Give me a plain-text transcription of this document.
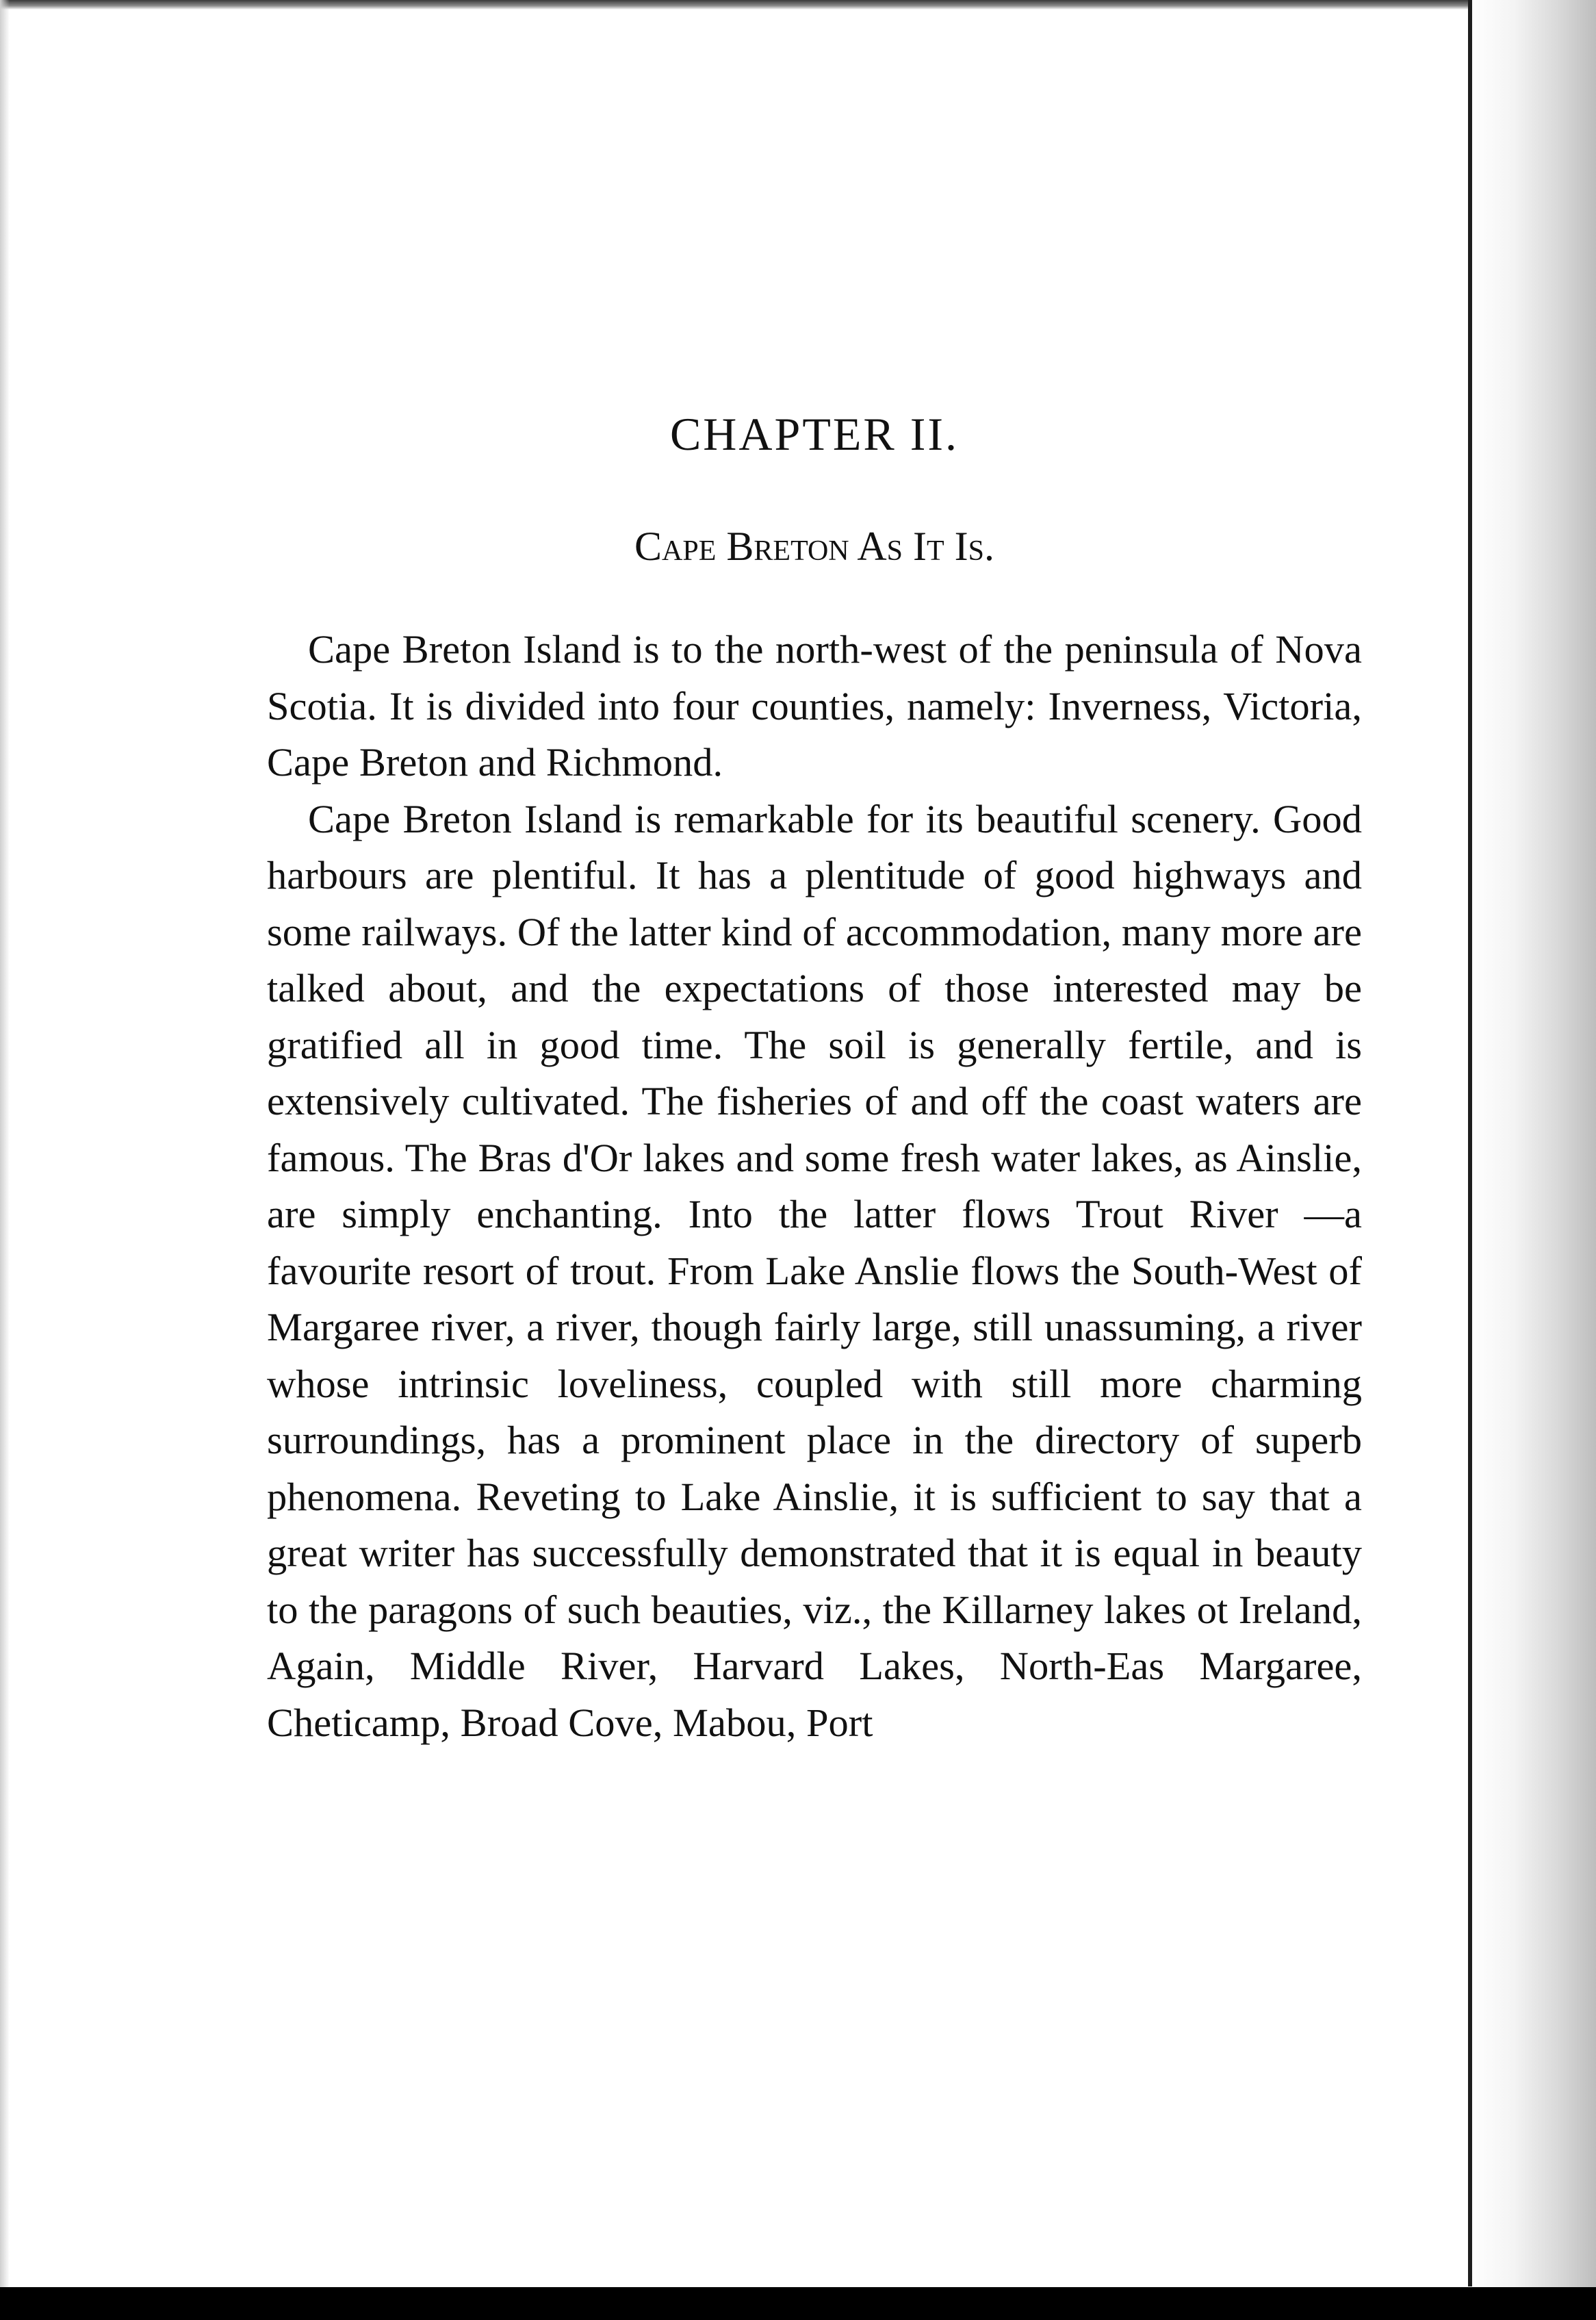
CHAPTER II.
Cape Breton As It Is.

Cape Breton Island is to the north-west of the peninsula of Nova Scotia. It is divided into four counties, namely: Inverness, Victoria, Cape Breton and Richmond.

Cape Breton Island is remarkable for its beautiful scenery. Good harbours are plentiful. It has a plentitude of good highways and some railways. Of the latter kind of accommodation, many more are talked about, and the expectations of those interested may be gratified all in good time. The soil is generally fertile, and is extensively cultivated. The fisheries of and off the coast waters are famous. The Bras d'Or lakes and some fresh water lakes, as Ainslie, are simply enchanting. Into the latter flows Trout River —a favourite resort of trout. From Lake Anslie flows the South-West of Margaree river, a river, though fairly large, still unassuming, a river whose intrinsic loveliness, coupled with still more charming surroundings, has a prominent place in the directory of superb phenomena. Reveting to Lake Ainslie, it is sufficient to say that a great writer has successfully demonstrated that it is equal in beauty to the paragons of such beauties, viz., the Killarney lakes ot Ireland, Again, Middle River, Harvard Lakes, North-Eas Margaree, Cheticamp, Broad Cove, Mabou, Port
